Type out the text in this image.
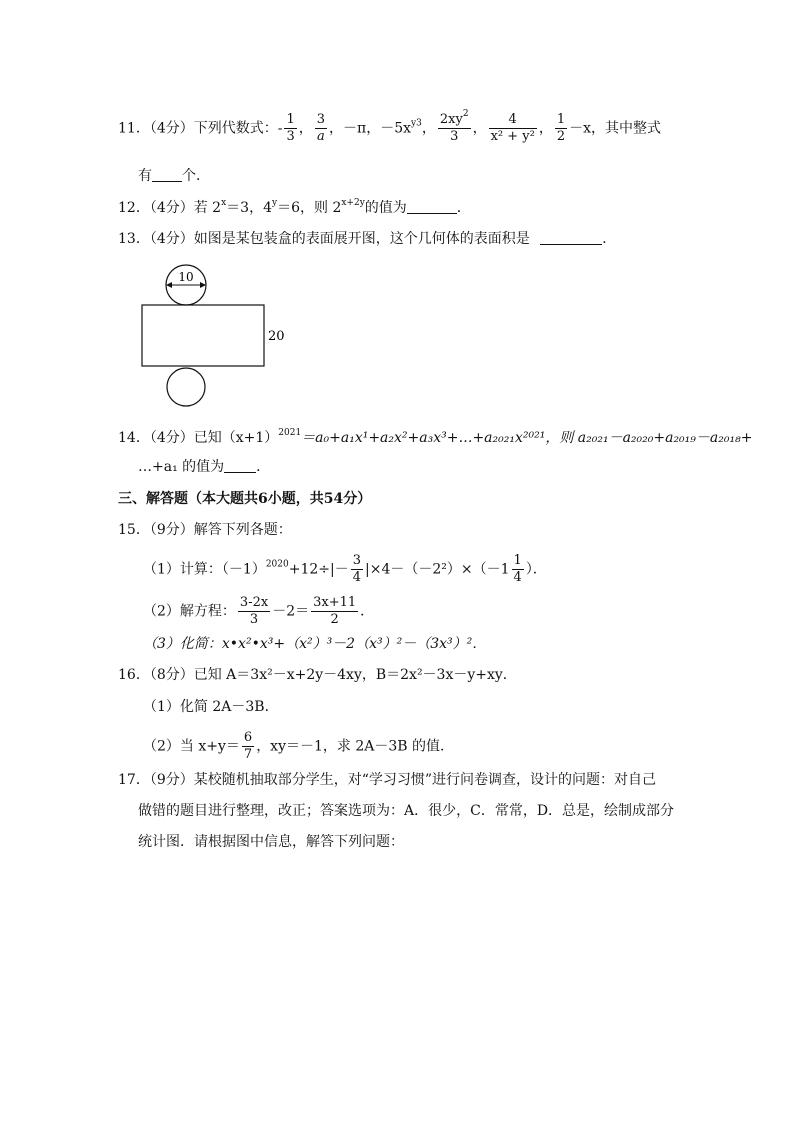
11．（4分）下列代数式：- $\frac{1}{3}$ ， $\frac{3}{a}$ ，－π，$-5x^{y3}$， $\frac{2xy^2}{3}$ ， $\frac{4}{\text{x² + y²}}$ ， $\frac{1}{2} -x$，其中整式
有 个．
12．（4分）若 $2^x=3$，$4^y=6$，则 $2^{x+2y}$的值为	．
13．（4分）如图是某包装盒的表面展开图，这个几何体的表面积是	．
10
20
14．（4分）已知$(x+1)^{2021}=a_0+a_1x^1+a_2x^2+a_3x^3+\dots+a_{2021}x^{2021}$，则 a₂₀₂₁－a₂₀₂₀+a₂₀₁₉－a₂₀₁₈+
…+a₁ 的值为 ．
三、解答题（本大题共6小题，共54分）
15．（9分）解答下列各题：
（1）计算：$(-1)^{2020}+12\div|- \frac{3}{4} |\times 4-(-2^2)\times(-1 \frac{1}{4}$ ）．
（2）解方程： $\frac{3-2x}{3} -2= \frac{3x+11}{2}$ ．
（3）化简：x•x²•x³+（x²）³－2（x³）²－（3x³）²．
16．（8分）已知 A＝3x²－x+2y－4xy，B＝2x²－3x－y+xy．
（1）化简 2A－3B．
（2）当 $x+y= \frac{6}{7}$ ，xy＝－1，求 2A－3B 的值．
17．（9分）某校随机抽取部分学生，对“学习习惯”进行问卷调查，设计的问题：对自己
做错的题目进行整理，改正；答案选项为：A．很少，C．常常，D．总是，绘制成部分
统计图．请根据图中信息，解答下列问题：
